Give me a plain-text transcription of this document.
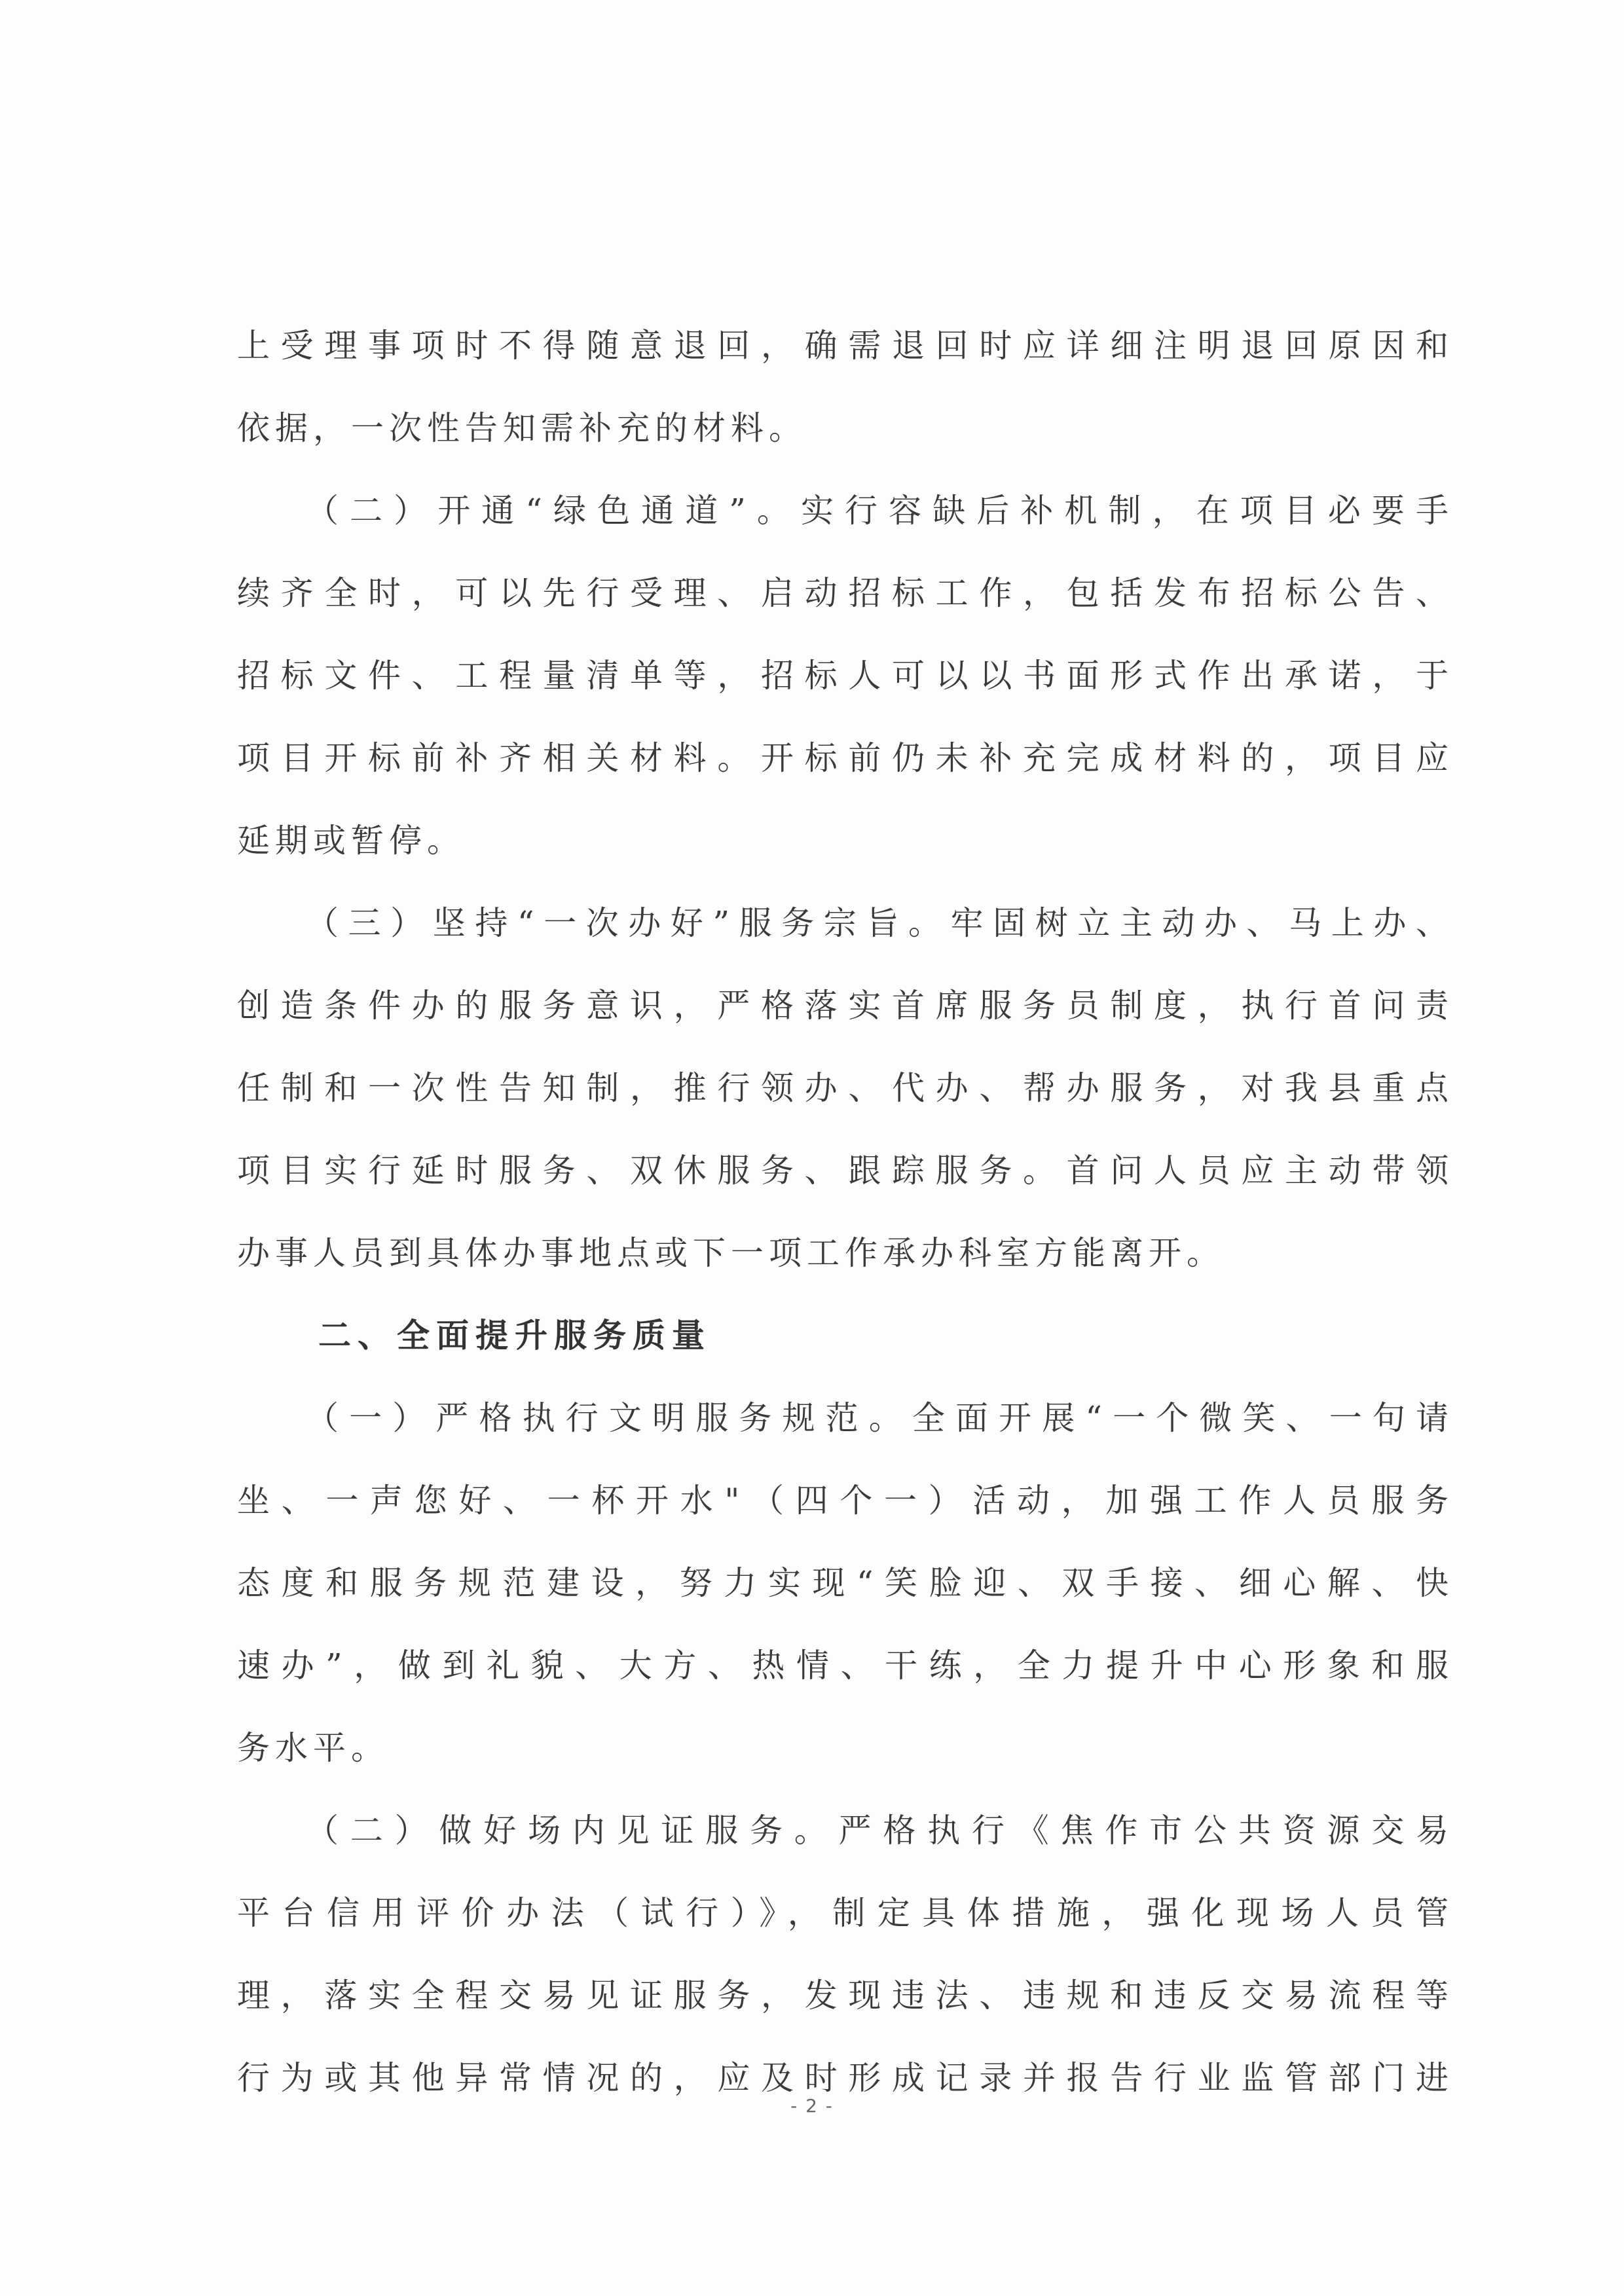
上受理事项时不得随意退回，确需退回时应详细注明退回原因和
依据，一次性告知需补充的材料。
（二）开通“绿色通道”。实行容缺后补机制，在项目必要手
续齐全时，可以先行受理、启动招标工作，包括发布招标公告、
招标文件、工程量清单等，招标人可以以书面形式作出承诺，于
项目开标前补齐相关材料。开标前仍未补充完成材料的，项目应
延期或暂停。
（三）坚持“一次办好”服务宗旨。牢固树立主动办、马上办、
创造条件办的服务意识，严格落实首席服务员制度，执行首问责
任制和一次性告知制，推行领办、代办、帮办服务，对我县重点
项目实行延时服务、双休服务、跟踪服务。首问人员应主动带领
办事人员到具体办事地点或下一项工作承办科室方能离开。
二、全面提升服务质量
（一）严格执行文明服务规范。全面开展“一个微笑、一句请
坐、一声您好、一杯开水"（四个一）活动，加强工作人员服务
态度和服务规范建设，努力实现“笑脸迎、双手接、细心解、快
速办”，做到礼貌、大方、热情、干练，全力提升中心形象和服
务水平。
（二）做好场内见证服务。严格执行《焦作市公共资源交易
平台信用评价办法（试行）》，制定具体措施，强化现场人员管
理，落实全程交易见证服务，发现违法、违规和违反交易流程等
行为或其他异常情况的，应及时形成记录并报告行业监管部门进
- 2 -
